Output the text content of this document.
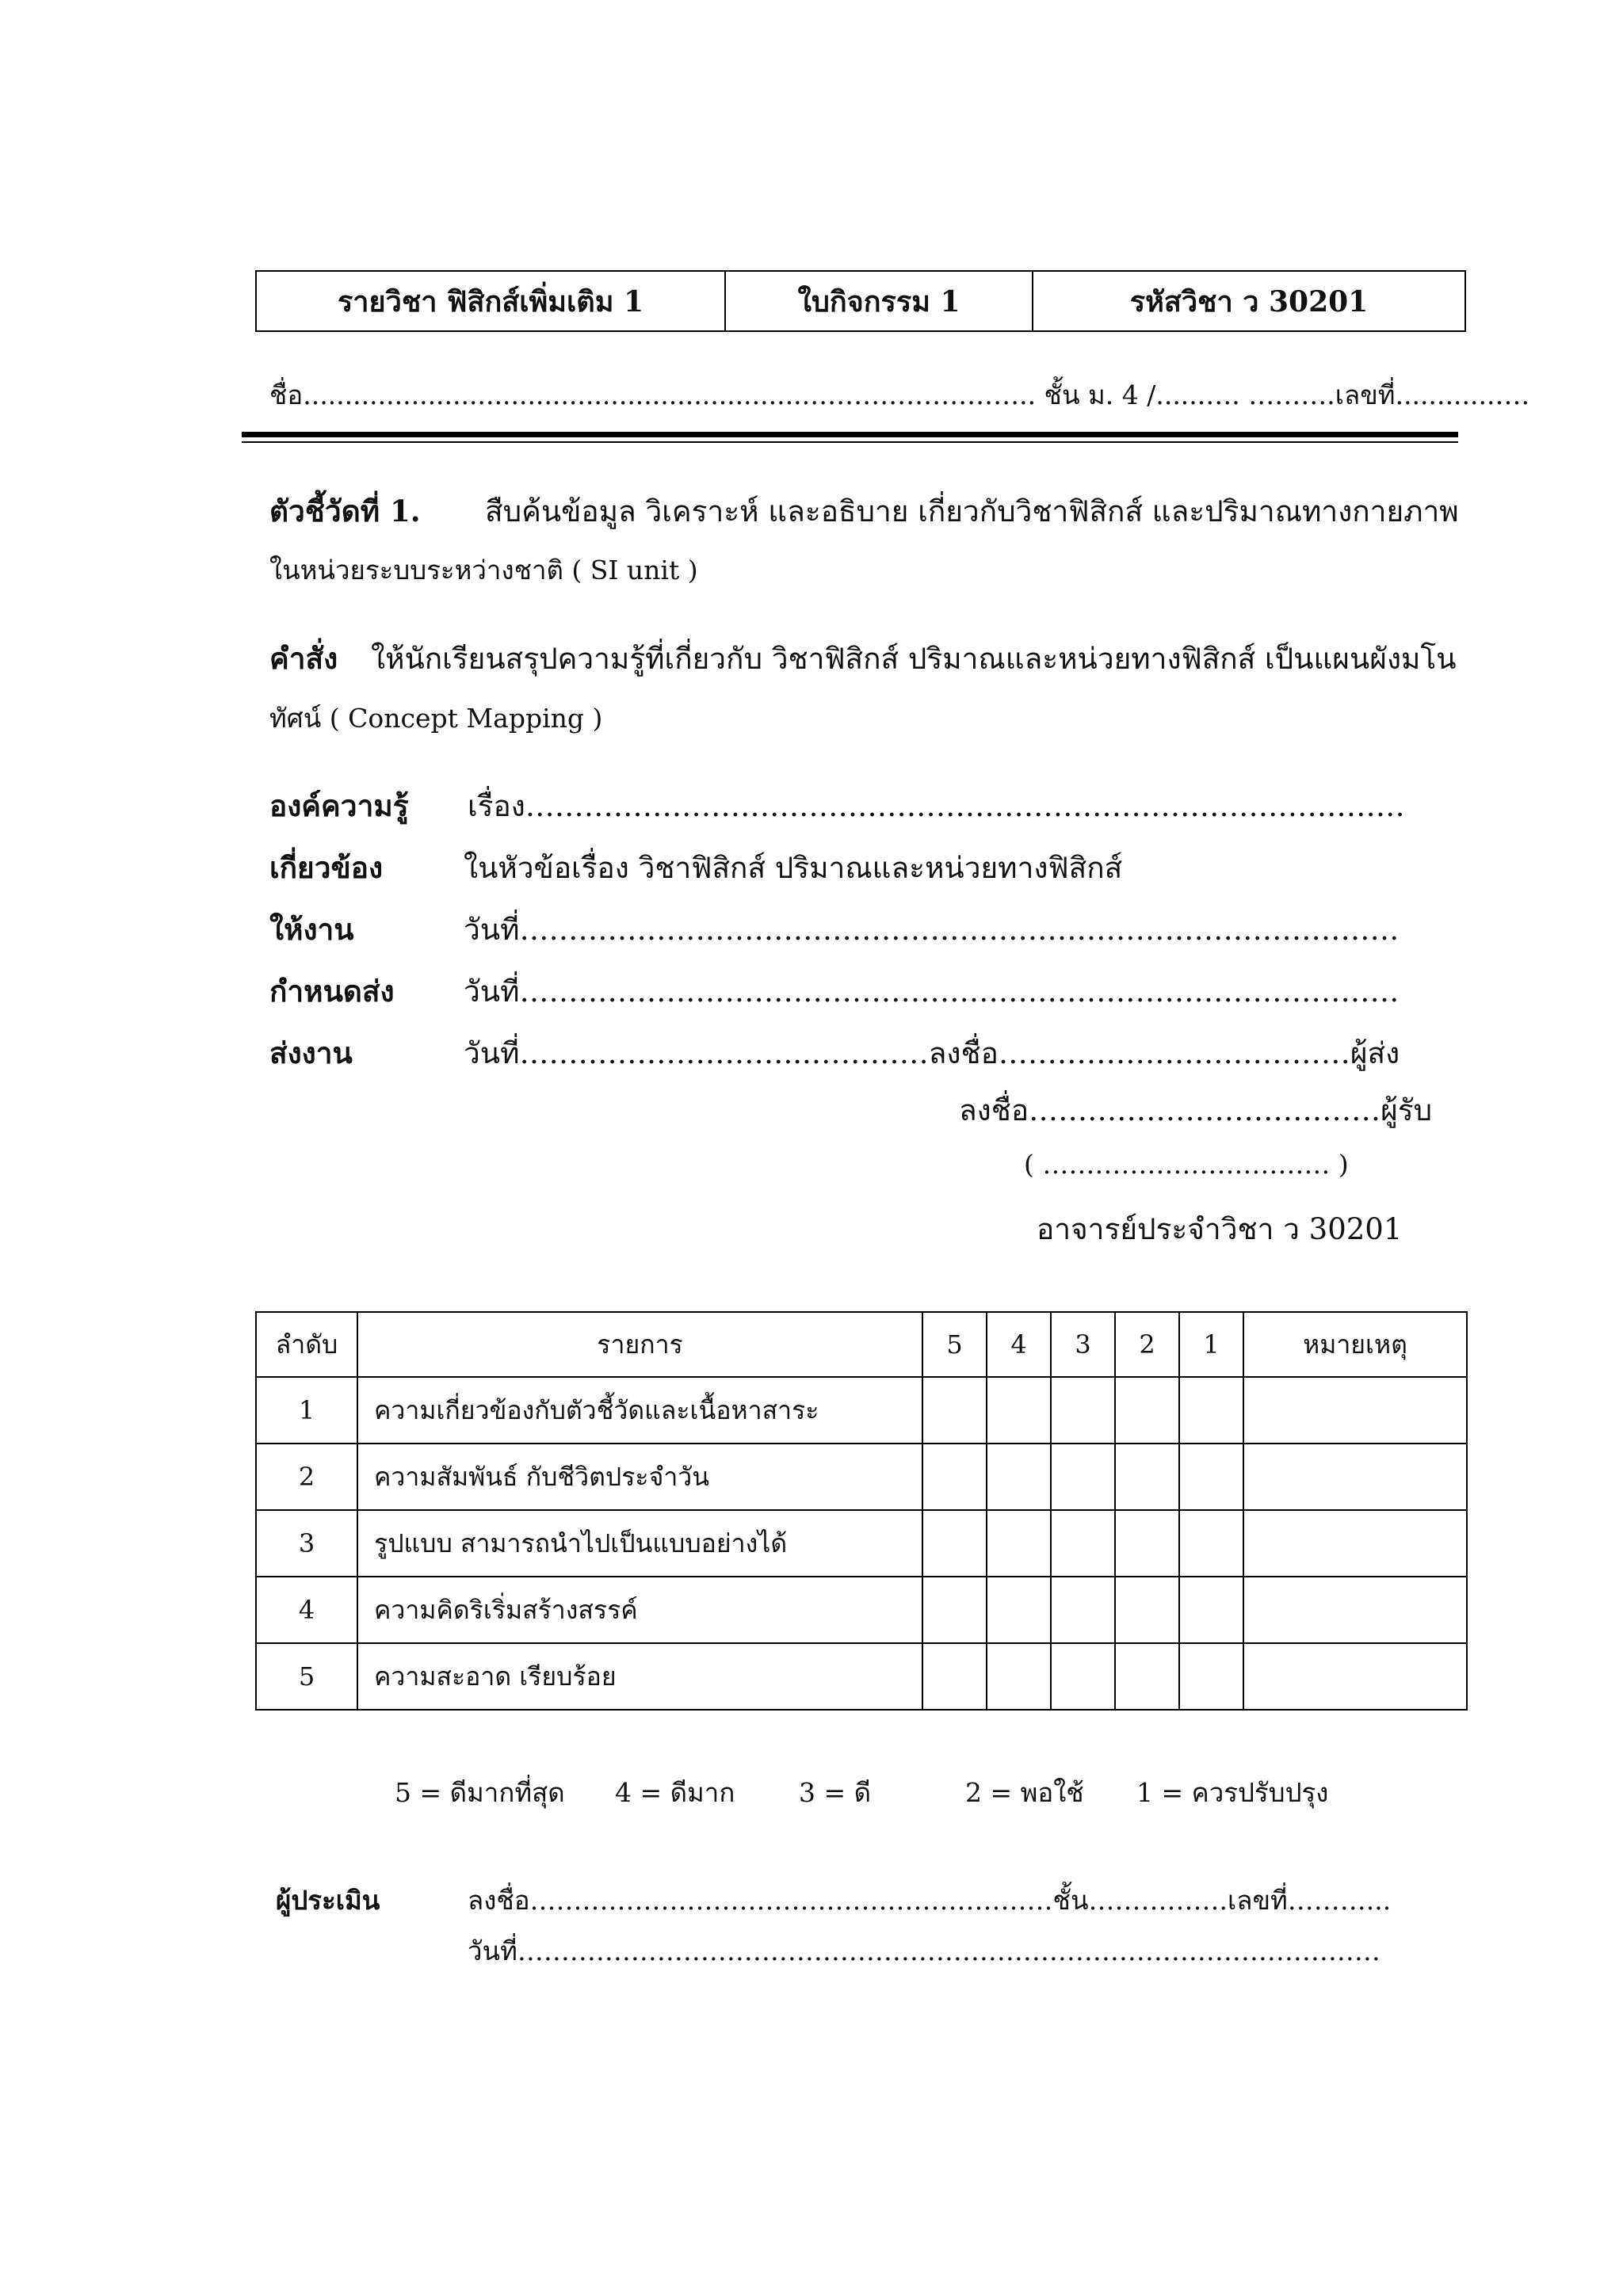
รายวิชา ฟิสิกส์เพิ่มเติม 1	ใบกิจกรรม 1	รหัสวิชา ว 30201
ชื่อ.............................................................…………………….. ชั้น ม. 4 /......…. ……….เลขที่............….
ตัวชี้วัดที่ 1. สืบค้นข้อมูล วิเคราะห์ และอธิบาย เกี่ยวกับวิชาฟิสิกส์ และปริมาณทางกายภาพ
ในหน่วยระบบระหว่างชาติ ( SI unit )
คำสั่ง ให้นักเรียนสรุปความรู้ที่เกี่ยวกับ วิชาฟิสิกส์ ปริมาณและหน่วยทางฟิสิกส์ เป็นแผนผังมโน
ทัศน์ ( Concept Mapping )
องค์ความรู้ เรื่อง………………………………………………………………………………
เกี่ยวข้อง	ในหัวข้อเรื่อง วิชาฟิสิกส์ ปริมาณและหน่วยทางฟิสิกส์
ให้งาน	วันที่………………………………………………………………………………
กำหนดส่ง วันที่………………………………………………………………………………
ส่งงาน	วันที่………………………...…………ลงชื่อ………………………………ผู้ส่ง
ลงชื่อ………………………………ผู้รับ
( …………………………… )
อาจารย์ประจำวิชา ว 30201
ลำดับ	รายการ	5	4	3	2	1	หมายเหตุ
1	ความเกี่ยวข้องกับตัวชี้วัดและเนื้อหาสาระ						
2	ความสัมพันธ์ กับชีวิตประจำวัน						
3	รูปแบบ สามารถนำไปเป็นแบบอย่างได้						
4	ความคิดริเริ่มสร้างสรรค์						
5	ความสะอาด เรียบร้อย						
5 = ดีมากที่สุด 4 = ดีมาก 3 = ดี	2 = พอใช้ 1 = ควรปรับปรุง
ผู้ประเมิน	ลงชื่อ……………………………………………………ชั้น…………….เลขที่………...
วันที่………………………………………………………………………………………
